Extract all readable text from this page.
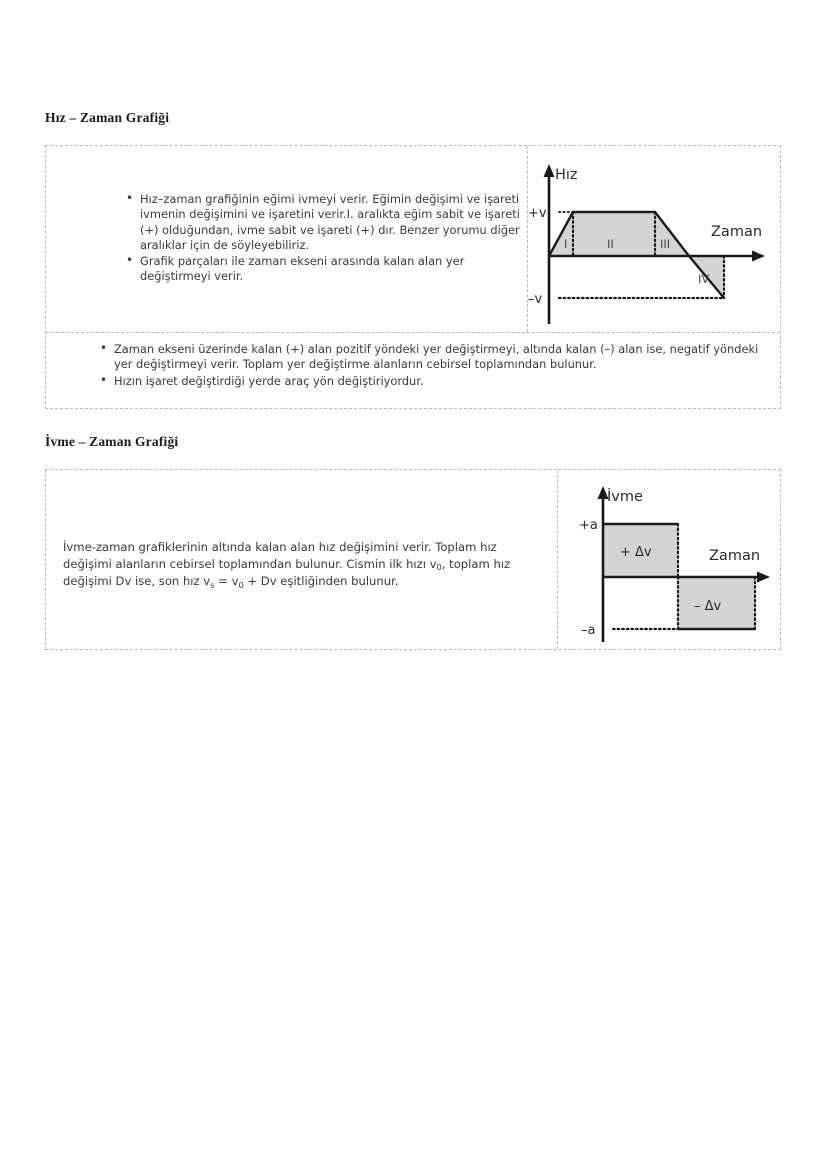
Hız – Zaman Grafiği
• Hız–zaman grafiğinin eğimi ivmeyi verir. Eğimin değişimi ve işareti ivmenin değişimini ve işaretini verir.I. aralıkta eğim sabit ve işareti (+) olduğundan, ivme sabit ve işareti (+) dır. Benzer yorumu diğer aralıklar için de söyleyebiliriz.
• Grafik parçaları ile zaman ekseni arasında kalan alan yer değiştirmeyi verir.
Hız
Zaman
+v
–v
I	II	III
IV
• Zaman ekseni üzerinde kalan (+) alan pozitif yöndeki yer değiştirmeyi, altında kalan (–) alan ise, negatif yöndeki yer değiştirmeyi verir. Toplam yer değiştirme alanların cebirsel toplamından bulunur.
• Hızın işaret değiştirdiği yerde araç yön değiştiriyordur.
İvme – Zaman Grafiği
İvme-zaman grafiklerinin altında kalan alan hız değişimini verir. Toplam hız değişimi alanların cebirsel toplamından bulunur. Cismin ilk hızı $v_0$, toplam hız değişimi Dv ise, son hız $v_s = v_0 + Dv$ eşitliğinden bulunur.
İvme
Zaman
+a
–a
+ Δv
– Δv
